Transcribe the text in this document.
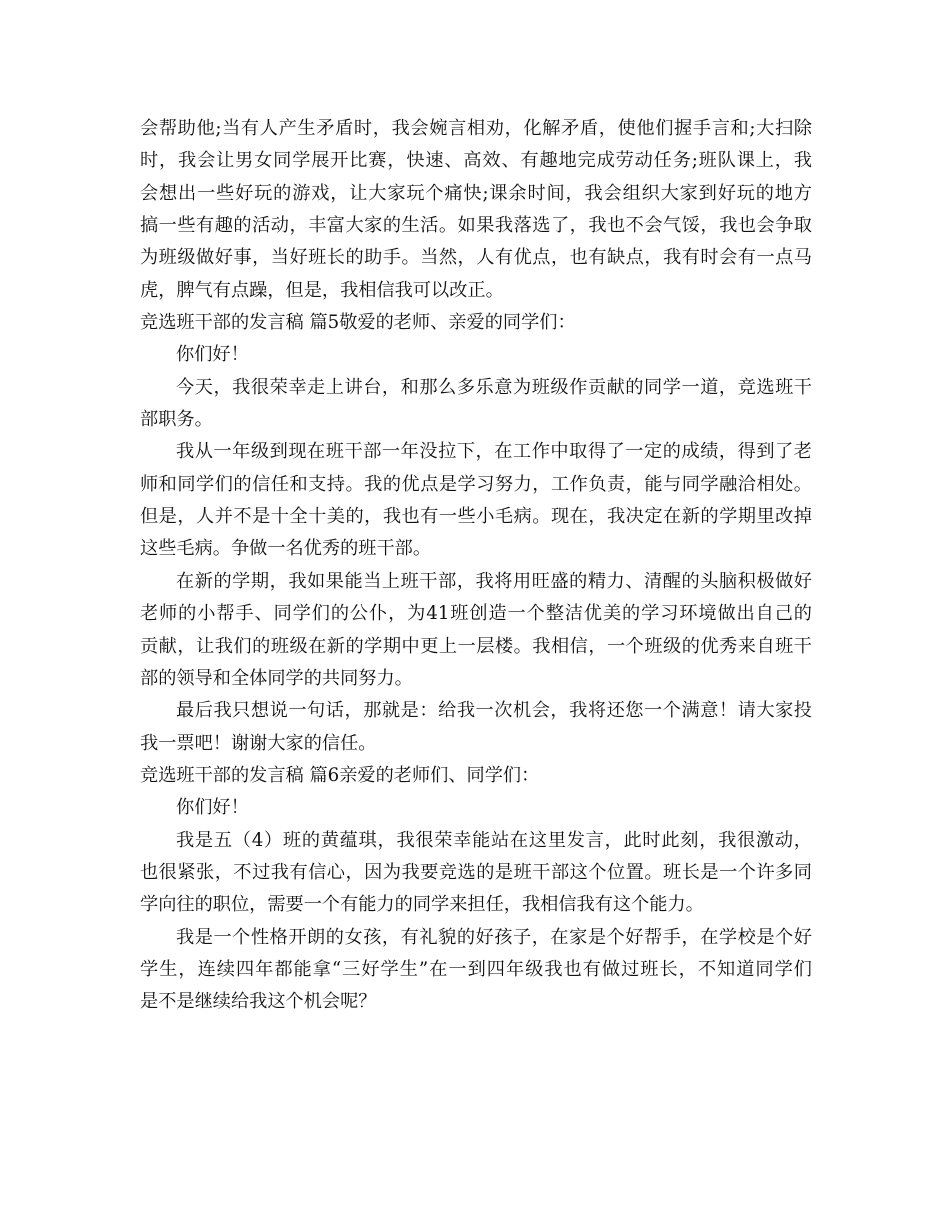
会帮助他;当有人产生矛盾时，我会婉言相劝，化解矛盾，使他们握手言和;大扫除
时，我会让男女同学展开比赛，快速、高效、有趣地完成劳动任务;班队课上，我
会想出一些好玩的游戏，让大家玩个痛快;课余时间，我会组织大家到好玩的地方
搞一些有趣的活动，丰富大家的生活。如果我落选了，我也不会气馁，我也会争取
为班级做好事，当好班长的助手。当然，人有优点，也有缺点，我有时会有一点马
虎，脾气有点躁，但是，我相信我可以改正。
竞选班干部的发言稿 篇5敬爱的老师、亲爱的同学们：
你们好！
今天，我很荣幸走上讲台，和那么多乐意为班级作贡献的同学一道，竞选班干
部职务。
我从一年级到现在班干部一年没拉下，在工作中取得了一定的成绩，得到了老
师和同学们的信任和支持。我的优点是学习努力，工作负责，能与同学融洽相处。
但是，人并不是十全十美的，我也有一些小毛病。现在，我决定在新的学期里改掉
这些毛病。争做一名优秀的班干部。
在新的学期，我如果能当上班干部，我将用旺盛的精力、清醒的头脑积极做好
老师的小帮手、同学们的公仆，为41班创造一个整洁优美的学习环境做出自己的
贡献，让我们的班级在新的学期中更上一层楼。我相信，一个班级的优秀来自班干
部的领导和全体同学的共同努力。
最后我只想说一句话，那就是：给我一次机会，我将还您一个满意！请大家投
我一票吧！谢谢大家的信任。
竞选班干部的发言稿 篇6亲爱的老师们、同学们：
你们好！
我是五（4）班的黄蕴琪，我很荣幸能站在这里发言，此时此刻，我很激动，
也很紧张，不过我有信心，因为我要竞选的是班干部这个位置。班长是一个许多同
学向往的职位，需要一个有能力的同学来担任，我相信我有这个能力。
我是一个性格开朗的女孩，有礼貌的好孩子，在家是个好帮手，在学校是个好
学生，连续四年都能拿“三好学生”在一到四年级我也有做过班长，不知道同学们
是不是继续给我这个机会呢？
